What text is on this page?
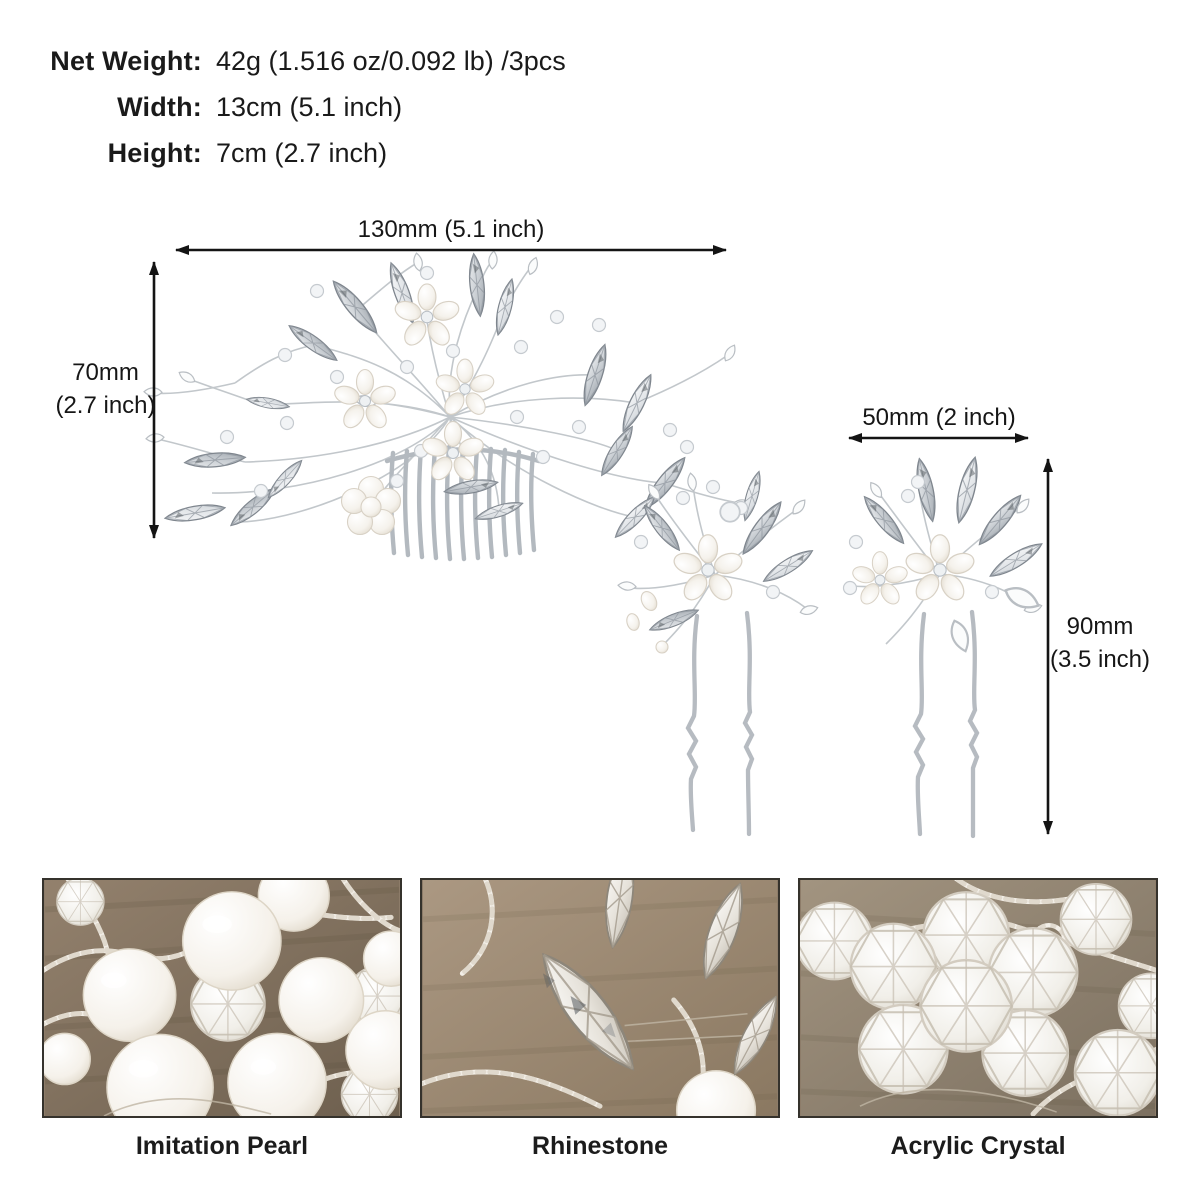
Net Weight: 42g (1.516 oz/0.092 lb) /3pcs
Width: 13cm (5.1 inch)
Height: 7cm (2.7 inch)
130mm (5.1 inch)
70mm
(2.7 inch)	50mm (2 inch)
90mm
(3.5 inch)
Imitation Pearl	Rhinestone	Acrylic Crystal
